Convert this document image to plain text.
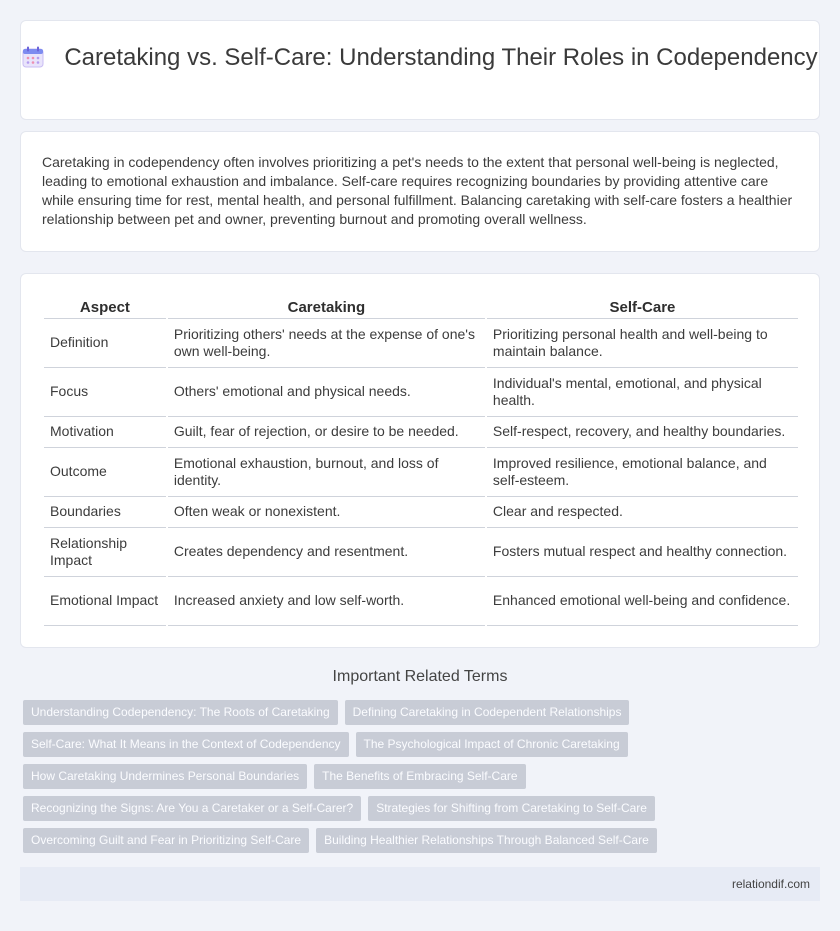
Caretaking vs. Self-Care: Understanding Their Roles in Codependency

Caretaking in codependency often involves prioritizing a pet's needs to the extent that personal well-being is neglected, leading to emotional exhaustion and imbalance. Self-care requires recognizing boundaries by providing attentive care while ensuring time for rest, mental health, and personal fulfillment. Balancing caretaking with self-care fosters a healthier relationship between pet and owner, preventing burnout and promoting overall wellness.

Aspect	Caretaking	Self-Care
Definition	Prioritizing others' needs at the expense of one's own well-being.	Prioritizing personal health and well-being to maintain balance.
Focus	Others' emotional and physical needs.	Individual's mental, emotional, and physical health.
Motivation	Guilt, fear of rejection, or desire to be needed.	Self-respect, recovery, and healthy boundaries.
Outcome	Emotional exhaustion, burnout, and loss of identity.	Improved resilience, emotional balance, and self-esteem.
Boundaries	Often weak or nonexistent.	Clear and respected.
Relationship Impact	Creates dependency and resentment.	Fosters mutual respect and healthy connection.
Emotional Impact	Increased anxiety and low self-worth.	Enhanced emotional well-being and confidence.
Important Related Terms
Understanding Codependency: The Roots of Caretaking	Defining Caretaking in Codependent Relationships
Self-Care: What It Means in the Context of Codependency	The Psychological Impact of Chronic Caretaking
How Caretaking Undermines Personal Boundaries	The Benefits of Embracing Self-Care
Recognizing the Signs: Are You a Caretaker or a Self-Carer?	Strategies for Shifting from Caretaking to Self-Care
Overcoming Guilt and Fear in Prioritizing Self-Care	Building Healthier Relationships Through Balanced Self-Care
relationdif.com
